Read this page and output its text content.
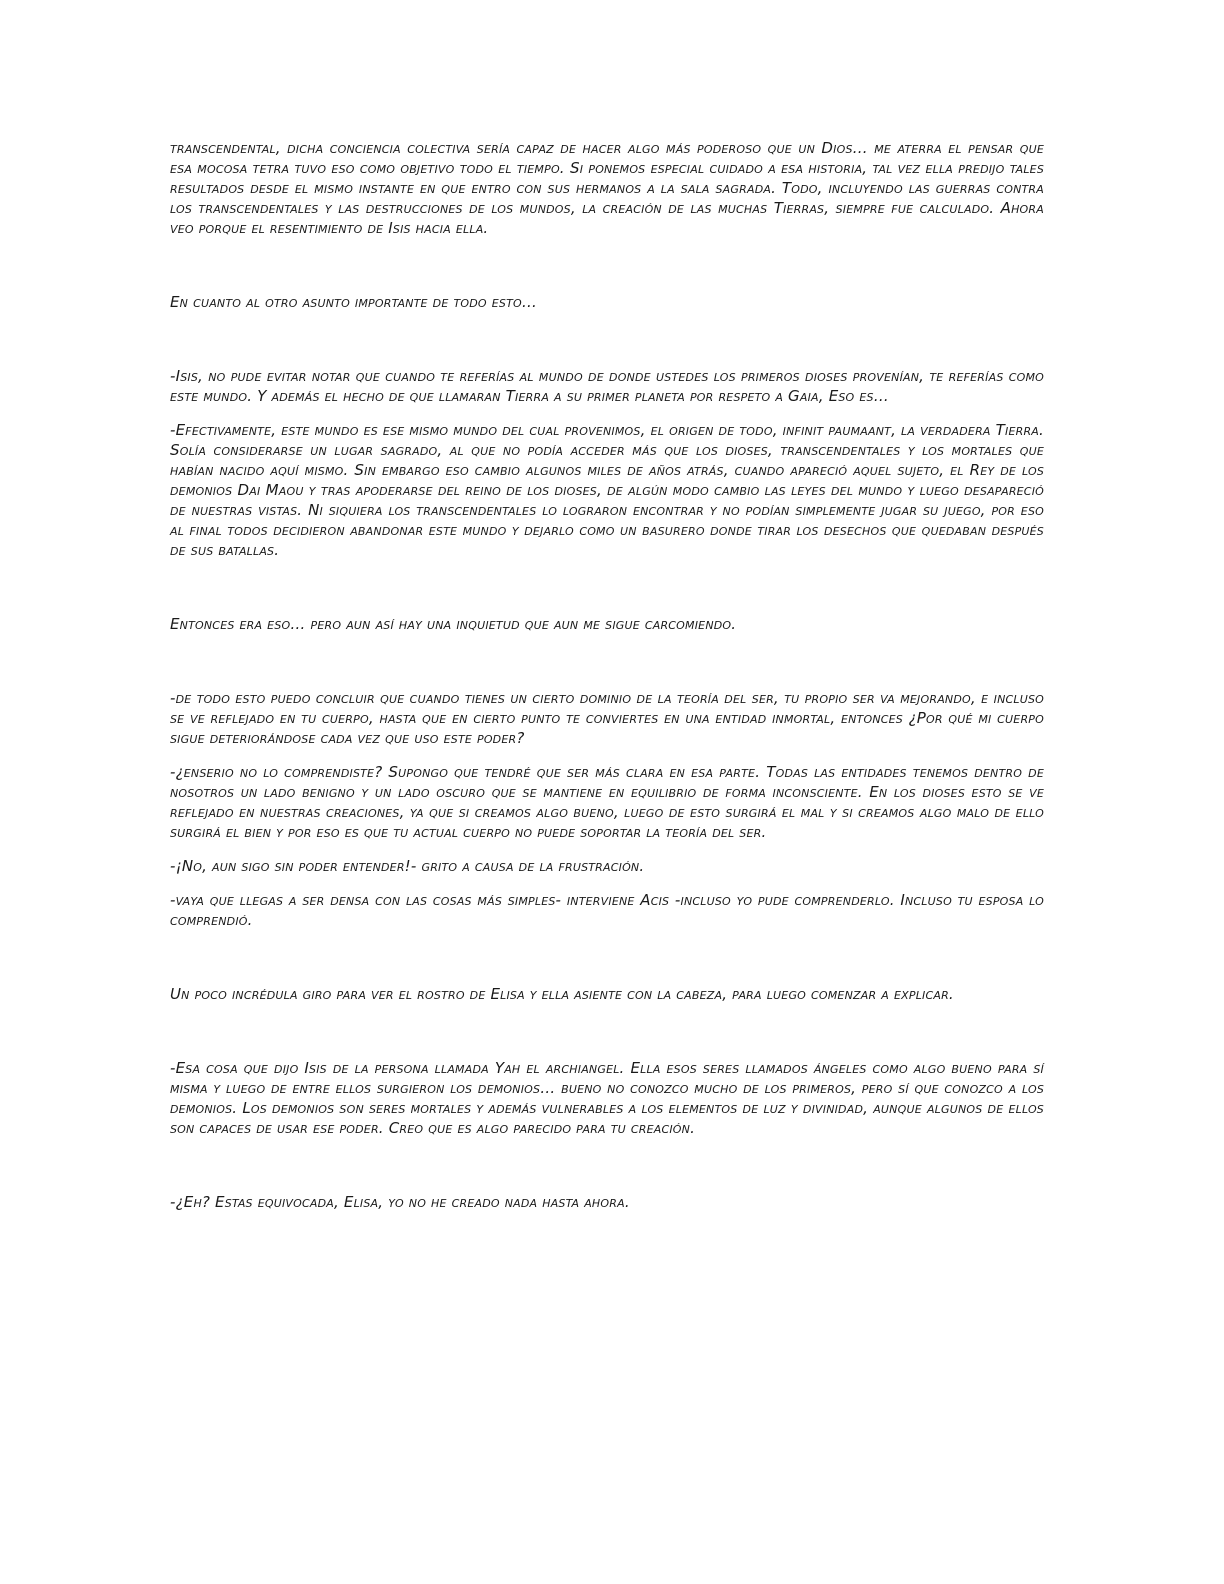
transcendental, dicha conciencia colectiva sería capaz de hacer algo más poderoso que un Dios… me aterra el pensar que esa mocosa tetra tuvo eso como objetivo todo el tiempo. Si ponemos especial cuidado a esa historia, tal vez ella predijo tales resultados desde el mismo instante en que entro con sus hermanos a la sala sagrada. Todo, incluyendo las guerras contra los transcendentales y las destrucciones de los mundos, la creación de las muchas Tierras, siempre fue calculado. Ahora veo porque el resentimiento de Isis hacia ella.

En cuanto al otro asunto importante de todo esto…

-Isis, no pude evitar notar que cuando te referías al mundo de donde ustedes los primeros dioses provenían, te referías como este mundo. Y además el hecho de que llamaran Tierra a su primer planeta por respeto a Gaia, Eso es…

-Efectivamente, este mundo es ese mismo mundo del cual provenimos, el origen de todo, infinit paumaant, la verdadera Tierra. Solía considerarse un lugar sagrado, al que no podía acceder más que los dioses, transcendentales y los mortales que habían nacido aquí mismo. Sin embargo eso cambio algunos miles de años atrás, cuando apareció aquel sujeto, el Rey de los demonios Dai Maou y tras apoderarse del reino de los dioses, de algún modo cambio las leyes del mundo y luego desapareció de nuestras vistas. Ni siquiera los transcendentales lo lograron encontrar y no podían simplemente jugar su juego, por eso al final todos decidieron abandonar este mundo y dejarlo como un basurero donde tirar los desechos que quedaban después de sus batallas.

Entonces era eso… pero aun así hay una inquietud que aun me sigue carcomiendo.

-de todo esto puedo concluir que cuando tienes un cierto dominio de la teoría del ser, tu propio ser va mejorando, e incluso se ve reflejado en tu cuerpo, hasta que en cierto punto te conviertes en una entidad inmortal, entonces ¿Por qué mi cuerpo sigue deteriorándose cada vez que uso este poder?

-¿enserio no lo comprendiste? Supongo que tendré que ser más clara en esa parte. Todas las entidades tenemos dentro de nosotros un lado benigno y un lado oscuro que se mantiene en equilibrio de forma inconsciente. En los dioses esto se ve reflejado en nuestras creaciones, ya que si creamos algo bueno, luego de esto surgirá el mal y si creamos algo malo de ello surgirá el bien y por eso es que tu actual cuerpo no puede soportar la teoría del ser.

-¡No, aun sigo sin poder entender!- grito a causa de la frustración.

-vaya que llegas a ser densa con las cosas más simples- interviene Acis -incluso yo pude comprenderlo. Incluso tu esposa lo comprendió.

Un poco incrédula giro para ver el rostro de Elisa y ella asiente con la cabeza, para luego comenzar a explicar.

-Esa cosa que dijo Isis de la persona llamada Yah el archiangel. Ella esos seres llamados ángeles como algo bueno para sí misma y luego de entre ellos surgieron los demonios… bueno no conozco mucho de los primeros, pero sí que conozco a los demonios. Los demonios son seres mortales y además vulnerables a los elementos de luz y divinidad, aunque algunos de ellos son capaces de usar ese poder. Creo que es algo parecido para tu creación.

-¿Eh? Estas equivocada, Elisa, yo no he creado nada hasta ahora.
